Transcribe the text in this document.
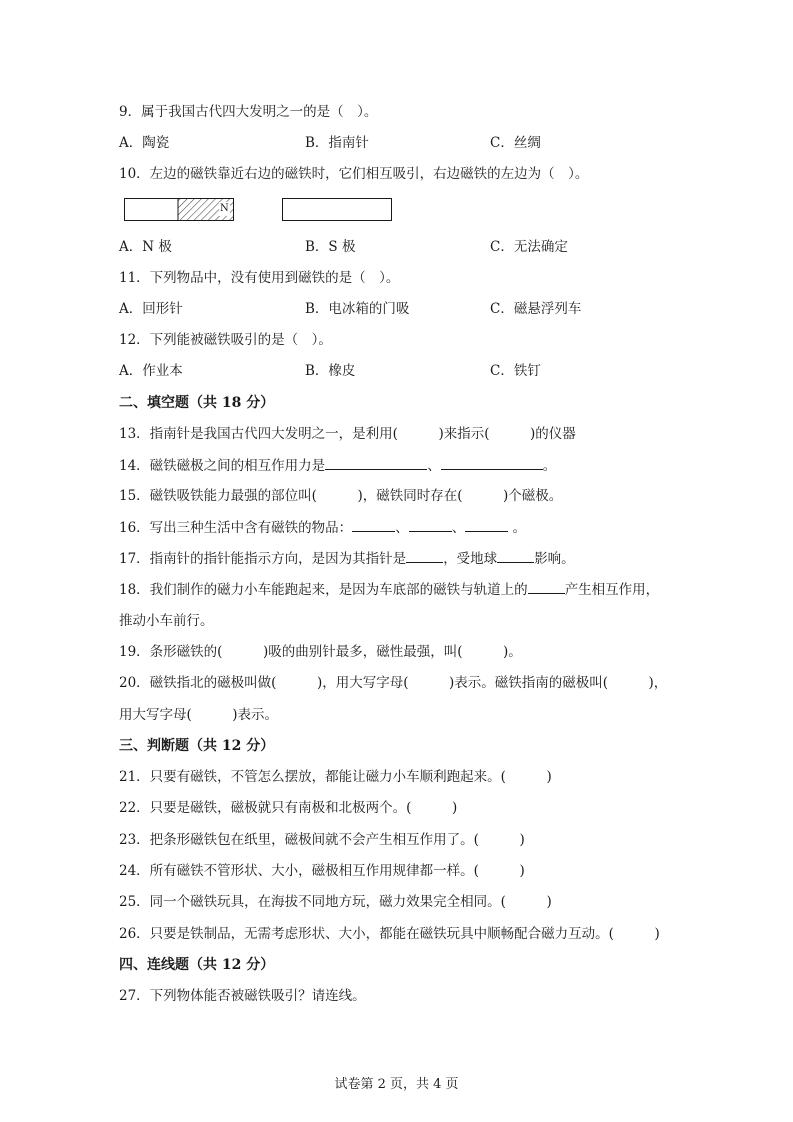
9．属于我国古代四大发明之一的是（　）。
A．陶瓷	B．指南针	C．丝绸
10．左边的磁铁靠近右边的磁铁时，它们相互吸引，右边磁铁的左边为（　）。
N
A．N 极	B．S 极	C．无法确定
11．下列物品中，没有使用到磁铁的是（　）。
A．回形针	B．电冰箱的门吸	C．磁悬浮列车
12．下列能被磁铁吸引的是（　）。
A．作业本	B．橡皮	C．铁钉
二、填空题（共 18 分）
13．指南针是我国古代四大发明之一，是利用(　　　)来指示(　　　)的仪器
14．磁铁磁极之间的相互作用力是	、	。
15．磁铁吸铁能力最强的部位叫(　　　)，磁铁同时存在(　　　)个磁极。
16．写出三种生活中含有磁铁的物品：	、	、	。
17．指南针的指针能指示方向，是因为其指针是	，受地球	影响。
18．我们制作的磁力小车能跑起来，是因为车底部的磁铁与轨道上的	产生相互作用，
推动小车前行。
19．条形磁铁的(　　　)吸的曲别针最多，磁性最强，叫(　　　)。
20．磁铁指北的磁极叫做(　　　)，用大写字母(　　　)表示。磁铁指南的磁极叫(　　　)，
用大写字母(　　　)表示。
三、判断题（共 12 分）
21．只要有磁铁，不管怎么摆放，都能让磁力小车顺利跑起来。(　　　)
22．只要是磁铁，磁极就只有南极和北极两个。(　　　)
23．把条形磁铁包在纸里，磁极间就不会产生相互作用了。(　　　)
24．所有磁铁不管形状、大小，磁极相互作用规律都一样。(　　　)
25．同一个磁铁玩具，在海拔不同地方玩，磁力效果完全相同。(　　　)
26．只要是铁制品，无需考虑形状、大小，都能在磁铁玩具中顺畅配合磁力互动。(　　　)
四、连线题（共 12 分）
27．下列物体能否被磁铁吸引？请连线。
试卷第 2 页，共 4 页
